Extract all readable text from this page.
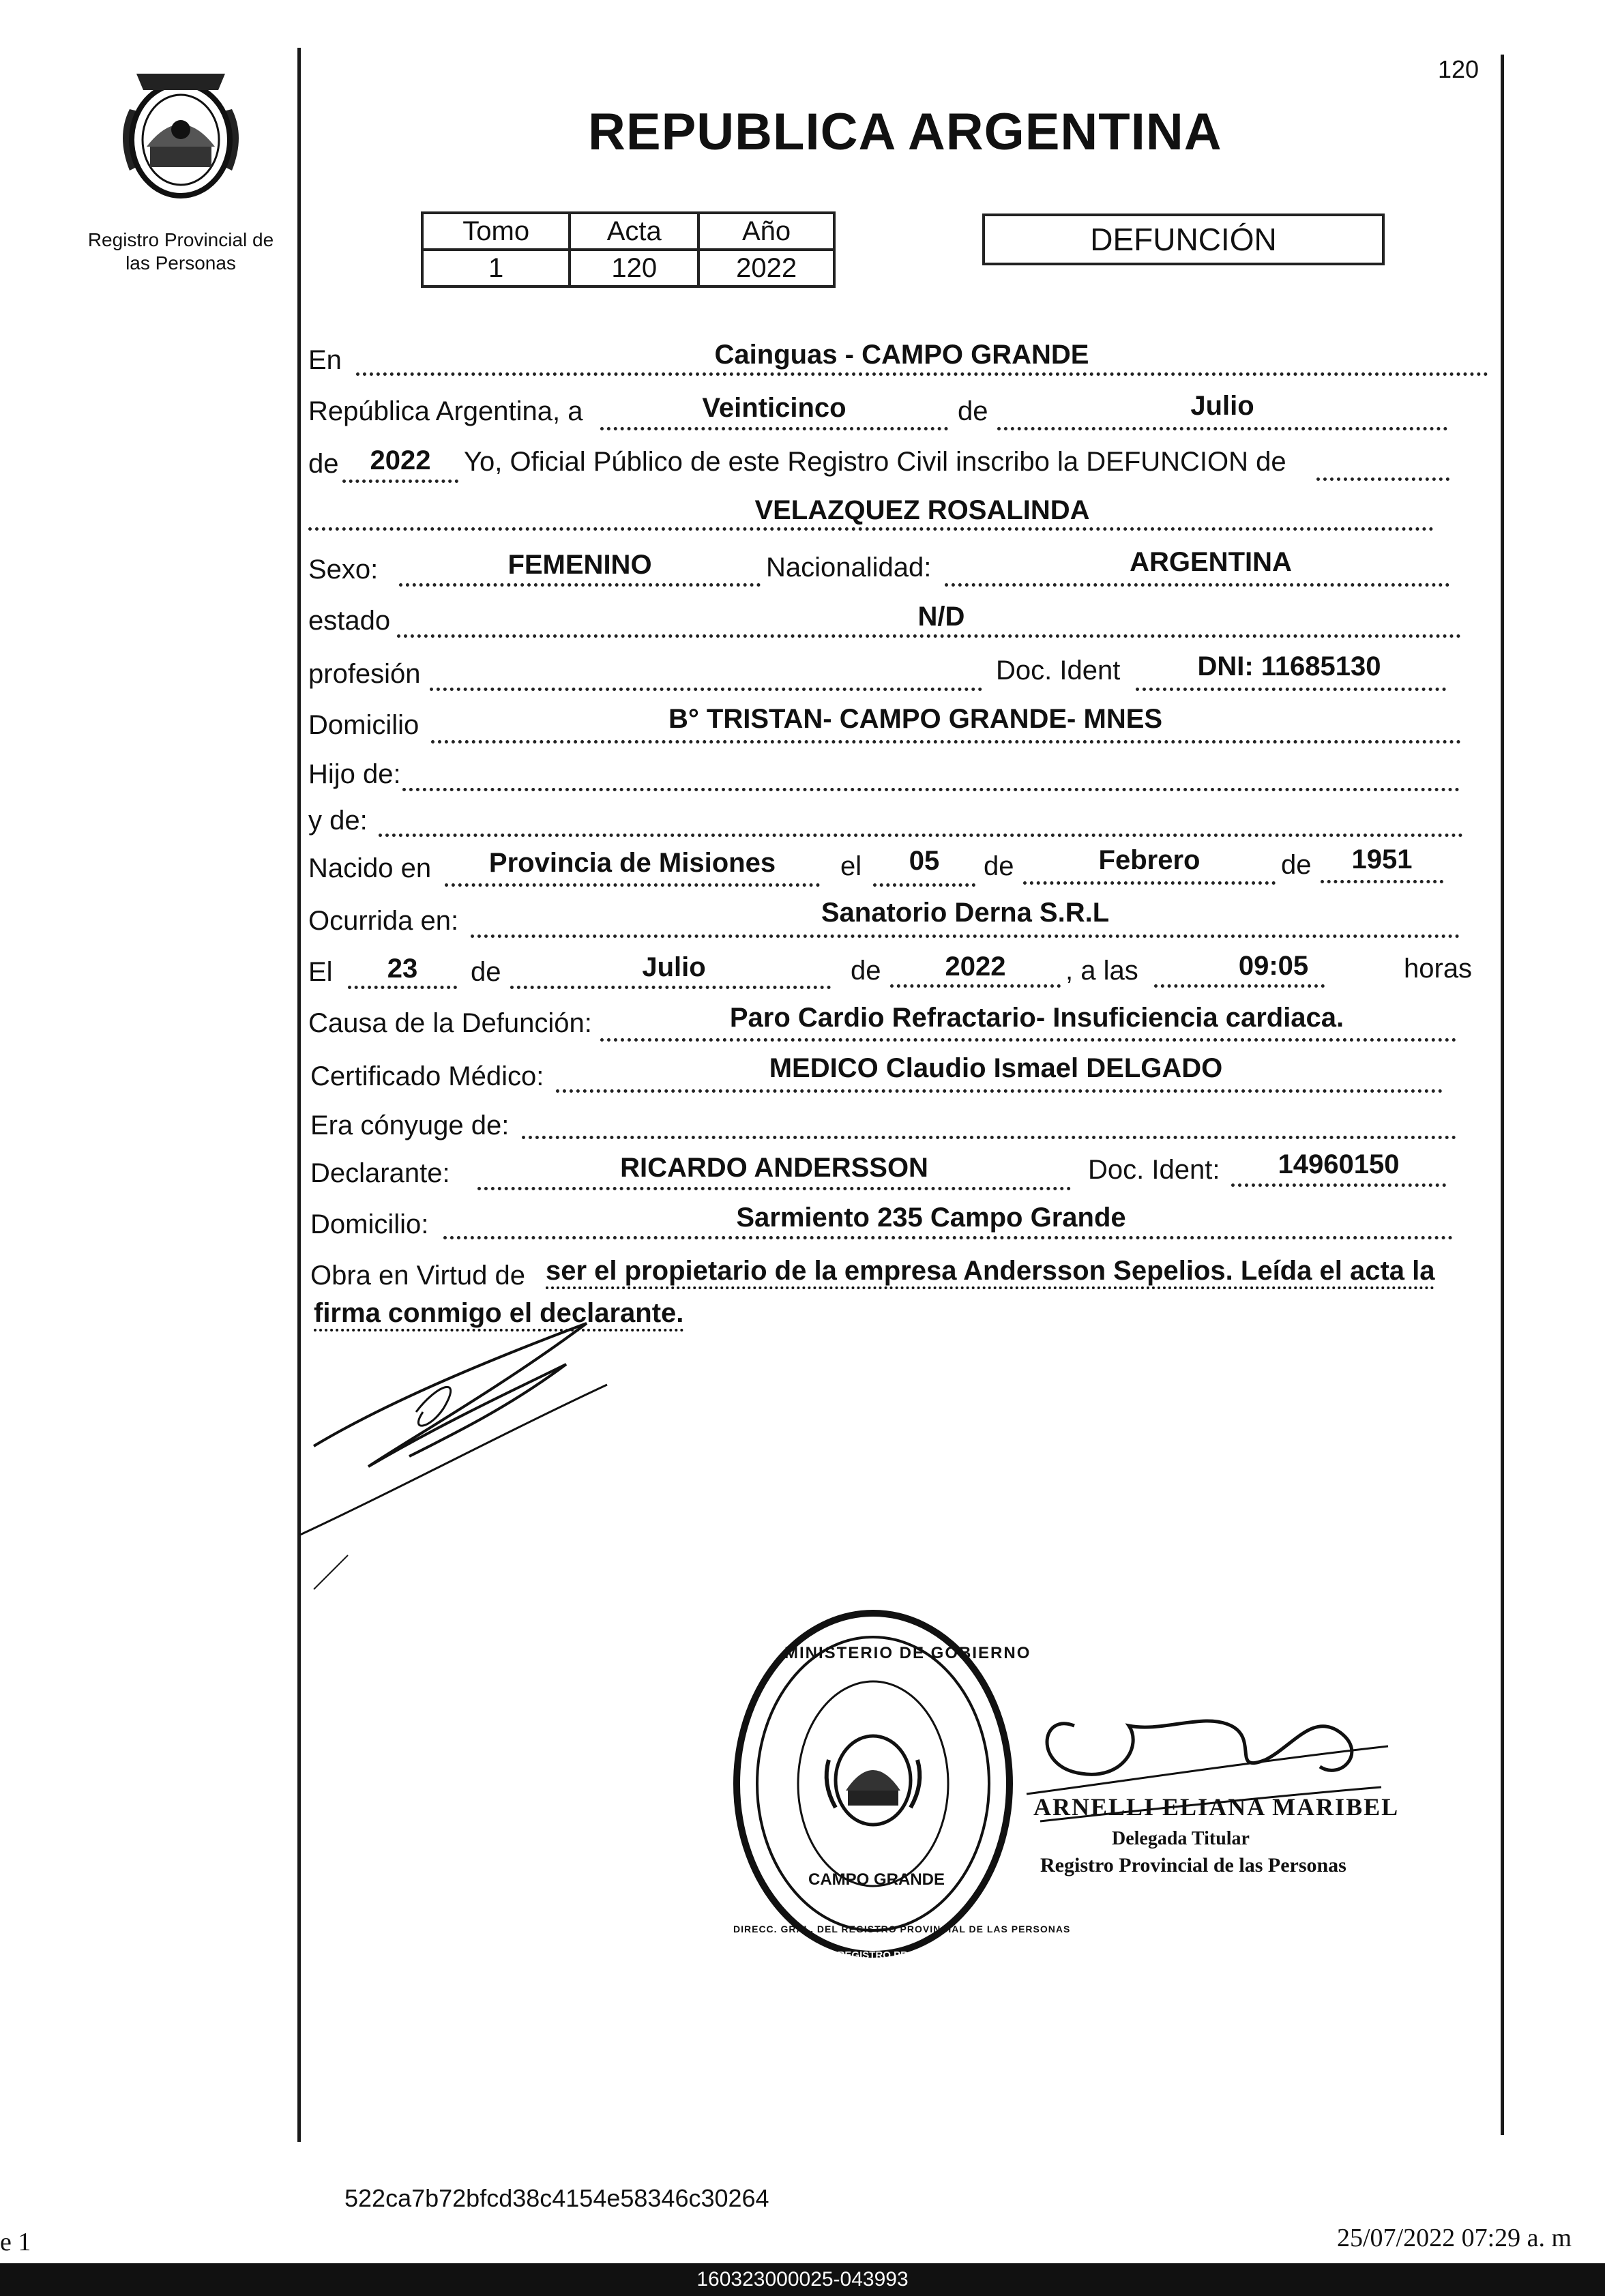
Registro Provincial de
las Personas
120
REPUBLICA ARGENTINA
Tomo	Acta	Año
1	120	2022
DEFUNCIÓN
En	Cainguas - CAMPO GRANDE
República Argentina, a	Veinticinco	de	Julio
de	2022	Yo, Oficial Público de este Registro Civil inscribo la DEFUNCION de
VELAZQUEZ ROSALINDA
Sexo:	FEMENINO	Nacionalidad:	ARGENTINA
estado	N/D
profesión	Doc. Ident	DNI: 11685130
Domicilio	B° TRISTAN- CAMPO GRANDE- MNES
Hijo de:
y de:
Nacido en	Provincia de Misiones	el	05	de	Febrero	de	1951
Ocurrida en:	Sanatorio Derna S.R.L
El	23	de	Julio	de	2022	, a las	09:05	horas
Causa de la Defunción:	Paro Cardio Refractario- Insuficiencia cardiaca.
Certificado Médico:	MEDICO Claudio Ismael DELGADO
Era cónyuge de:
Declarante:	RICARDO ANDERSSON	Doc. Ident:	14960150
Domicilio:	Sarmiento 235 Campo Grande
Obra en Virtud de ser el propietario de la empresa Andersson Sepelios. Leída el acta la
firma conmigo el declarante.
DIRECC. GRAL. DEL REGISTRO PROVINCIAL DE LAS PERSONAS
MINISTERIO DE GOBIERNO
CAMPO GRANDE
DIRECC. GRAL. DEL REGISTRO PROVINCIAL DE LAS PERSONAS
ARNELLI ELIANA MARIBEL
Delegada Titular
Registro Provincial de las Personas
522ca7b72bfcd38c4154e58346c30264
e 1	25/07/2022 07:29 a. m
160323000025-043993
